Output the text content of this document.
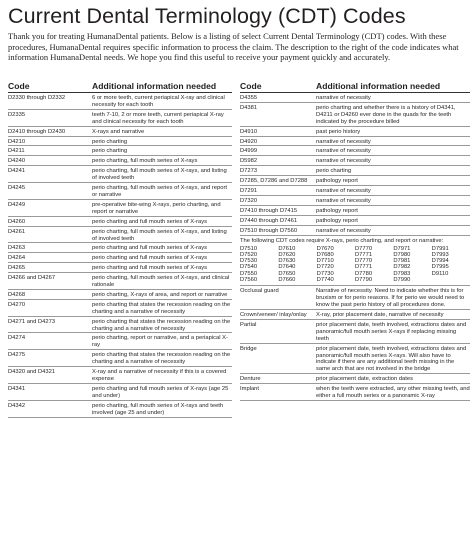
Current Dental Terminology (CDT) Codes
Thank you for treating HumanaDental patients. Below is a listing of select Current Dental Terminology (CDT) codes. With these procedures, HumanaDental requires specific information to process the claim. The description to the right of the code indicates what information HumanaDental needs. We hope you find this useful to receive your payment quickly and accurately.
Code	Additional information needed
D2330 through D2332	6 or more teeth, current periapical X-ray and clinical necessity for each tooth
D2335	teeth 7-10, 2 or more teeth, current periapical X-ray and clinical necessity for each tooth
D2410 through D2430	X-rays and narrative
D4210	perio charting
D4211	perio charting
D4240	perio charting, full mouth series of X-rays
D4241	perio charting, full mouth series of X-rays, and listing of involved teeth
D4245	perio charting, full mouth series of X-rays, and report or narrative
D4249	pre-operative bite-wing X-rays, perio charting, and report or narrative
D4260	perio charting and full mouth series of X-rays
D4261	perio charting, full mouth series of X-rays, and listing of involved teeth
D4263	perio charting and full mouth series of X-rays
D4264	perio charting and full mouth series of X-rays
D4265	perio charting and full mouth series of X-rays
D4266 and D4267	perio charting, full mouth series of X-rays, and clinical rationale
D4268	perio charting, X-rays of area, and report or narrative
D4270	perio charting that states the recession reading on the charting and a narrative of necessity
D4271 and D4273	perio charting that states the recession reading on the charting and a narrative of necessity
D4274	perio charting, report or narrative, and a periapical X-ray
D4275	perio charting that states the recession reading on the charting and a narrative of necessity
D4320 and D4321	X-ray and a narrative of necessity if this is a covered expense
D4341	perio charting and full mouth series of X-rays (age 25 and under)
D4342	perio charting, full mouth series of X-rays and teeth involved (age 25 and under)
Code	Additional information needed
D4355	narrative of necessity
D4381	perio charting and whether there is a history of D4341, D4211 or D4260 ever done in the quads for the teeth indicated by the procedure billed
D4910	past perio history
D4920	narrative of necessity
D4999	narrative of necessity
D5982	narrative of necessity
D7273	perio charting
D7285, D7286 and D7288	pathology report
D7291	narrative of necessity
D7320	narrative of necessity
D7410 through D7415	pathology report
D7440 through D7461	pathology report
D7510 through D7560	narrative of necessity
The following CDT codes require X-rays, perio charting, and report or narrative:
D7510	D7610	D7670	D7770	D7971	D7991
D7520	D7620	D7680	D7771	D7980	D7993
D7530	D7630	D7710	D7770	D7981	D7994
D7540	D7640	D7720	D7771	D7982	D7995
D7550	D7650	D7730	D7780	D7983	D9110
D7560	D7660	D7740	D7790	D7990
Occlusal guard	Narrative of necessity. Need to indicate whether this is for bruxism or for perio reasons. If for perio we would need to know the past perio history of all procedures done.
Crown/veneer/ inlay/onlay	X-ray, prior placement date, narrative of necessity
Partial	prior placement date, teeth involved, extractions dates and panoramic/full mouth series X-rays if replacing missing teeth
Bridge	prior placement date, teeth involved, extractions dates and panoramic/full mouth series X-rays. Will also have to indicate if there are any additional teeth missing in the same arch that are not involved in the bridge
Denture	prior placement date, extraction dates
Implant	when the teeth were extracted, any other missing teeth, and either a full mouth series or a panoramic X-ray
